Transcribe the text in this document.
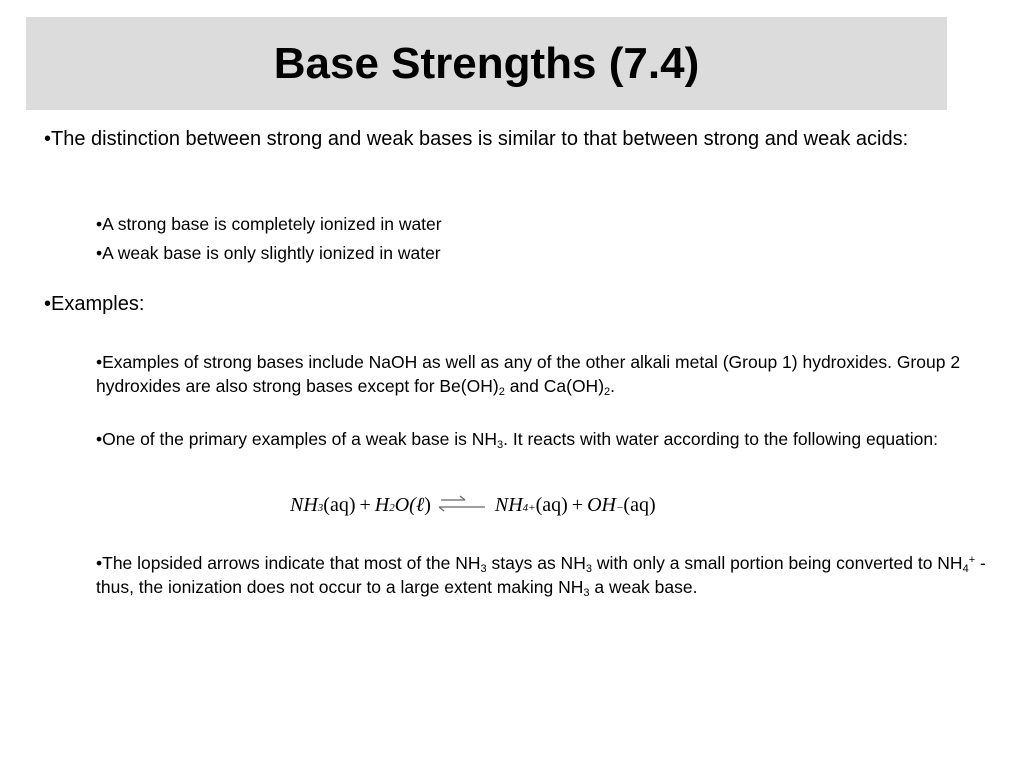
Base Strengths (7.4)
•The distinction between strong and weak bases is similar to that between strong and weak acids:
•A strong base is completely ionized in water
•A weak base is only slightly ionized in water
•Examples:
•Examples of strong bases include NaOH as well as any of the other alkali metal (Group 1) hydroxides. Group 2 hydroxides are also strong bases except for $Be(OH)_2$ and $Ca(OH)_2$.
•One of the primary examples of a weak base is $NH_3$. It reacts with water according to the following equation:
NH 3 (aq) + H 2 O( ℓ )	NH 4 + (aq) + OH − (aq)
•The lopsided arrows indicate that most of the $NH_3$ stays as $NH_3$ with only a small portion being converted to $NH_4^+$ - thus, the ionization does not occur to a large extent making $NH_3$ a weak base.
